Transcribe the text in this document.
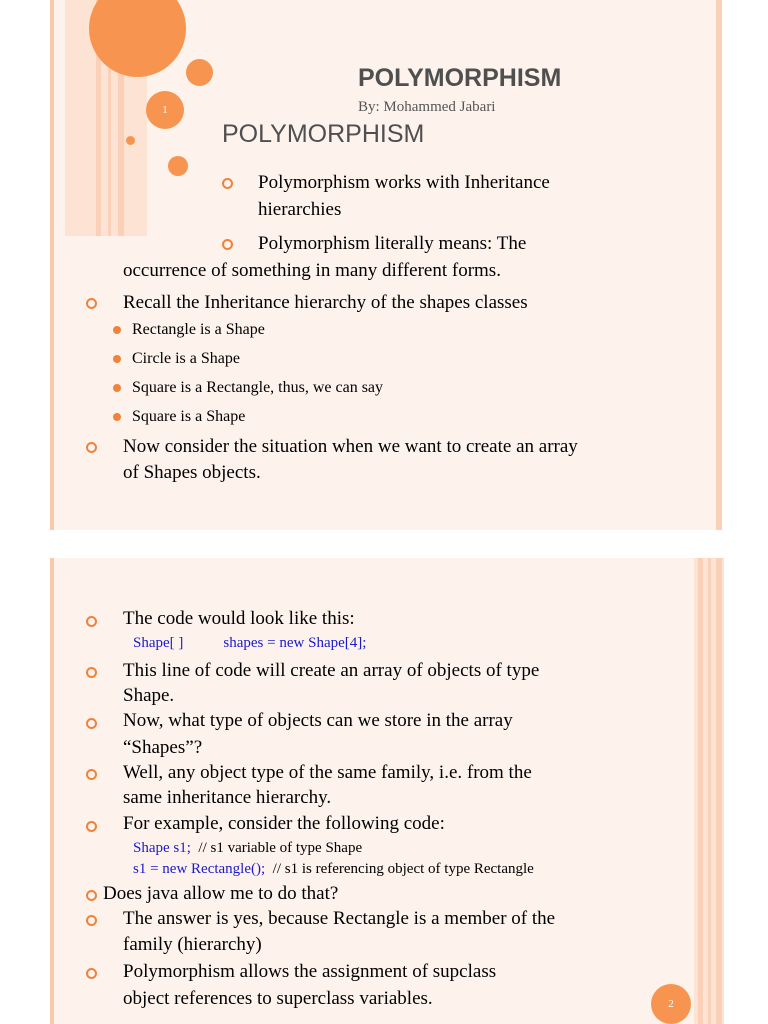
1
POLYMORPHISM
By: Mohammed Jabari
POLYMORPHISM
Polymorphism works with Inheritance
hierarchies
Polymorphism literally means: The
occurrence of something in many different forms.
Recall the Inheritance hierarchy of the shapes classes
Rectangle is a Shape
Circle is a Shape
Square is a Rectangle, thus, we can say
Square is a Shape
Now consider the situation when we want to create an array
of Shapes objects.
The code would look like this:
Shape[ ]	shapes = new Shape[4];
This line of code will create an array of objects of type
Shape.
Now, what type of objects can we store in the array
“Shapes”?
Well, any object type of the same family, i.e. from the
same inheritance hierarchy.
For example, consider the following code:
Shape s1;  // s1 variable of type Shape
s1 = new Rectangle();  // s1 is referencing object of type Rectangle
Does java allow me to do that?
The answer is yes, because Rectangle is a member of the
family (hierarchy)
Polymorphism allows the assignment of supclass
object references to superclass variables.	2
